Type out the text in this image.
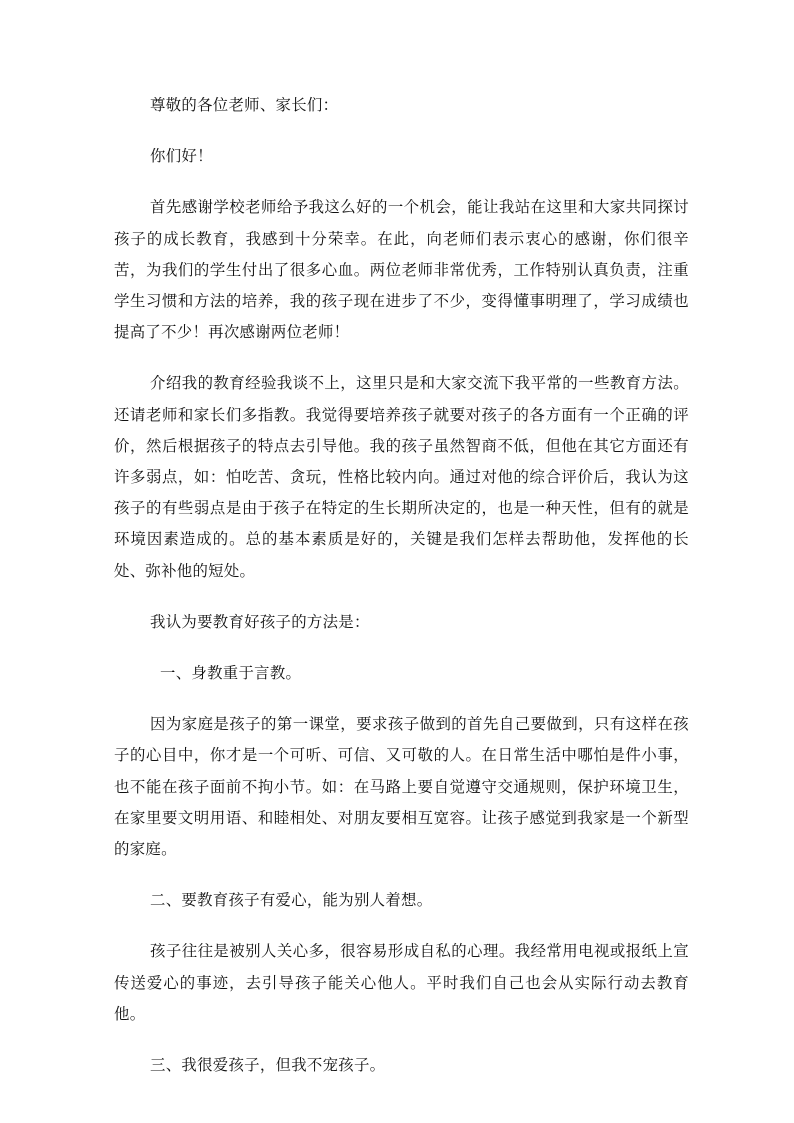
尊敬的各位老师、家长们：

你们好！

首先感谢学校老师给予我这么好的一个机会，能让我站在这里和大家共同探讨孩子的成长教育，我感到十分荣幸。在此，向老师们表示衷心的感谢，你们很辛苦，为我们的学生付出了很多心血。两位老师非常优秀，工作特别认真负责，注重学生习惯和方法的培养，我的孩子现在进步了不少，变得懂事明理了，学习成绩也提高了不少！再次感谢两位老师！

介绍我的教育经验我谈不上，这里只是和大家交流下我平常的一些教育方法。还请老师和家长们多指教。我觉得要培养孩子就要对孩子的各方面有一个正确的评价，然后根据孩子的特点去引导他。我的孩子虽然智商不低，但他在其它方面还有许多弱点，如：怕吃苦、贪玩，性格比较内向。通过对他的综合评价后，我认为这孩子的有些弱点是由于孩子在特定的生长期所决定的，也是一种天性，但有的就是环境因素造成的。总的基本素质是好的，关键是我们怎样去帮助他，发挥他的长处、弥补他的短处。

我认为要教育好孩子的方法是：

一、身教重于言教。

因为家庭是孩子的第一课堂，要求孩子做到的首先自己要做到，只有这样在孩子的心目中，你才是一个可听、可信、又可敬的人。在日常生活中哪怕是件小事，也不能在孩子面前不拘小节。如：在马路上要自觉遵守交通规则，保护环境卫生，在家里要文明用语、和睦相处、对朋友要相互宽容。让孩子感觉到我家是一个新型的家庭。

二、要教育孩子有爱心，能为别人着想。

孩子往往是被别人关心多，很容易形成自私的心理。我经常用电视或报纸上宣传送爱心的事迹，去引导孩子能关心他人。平时我们自己也会从实际行动去教育他。

三、我很爱孩子，但我不宠孩子。
